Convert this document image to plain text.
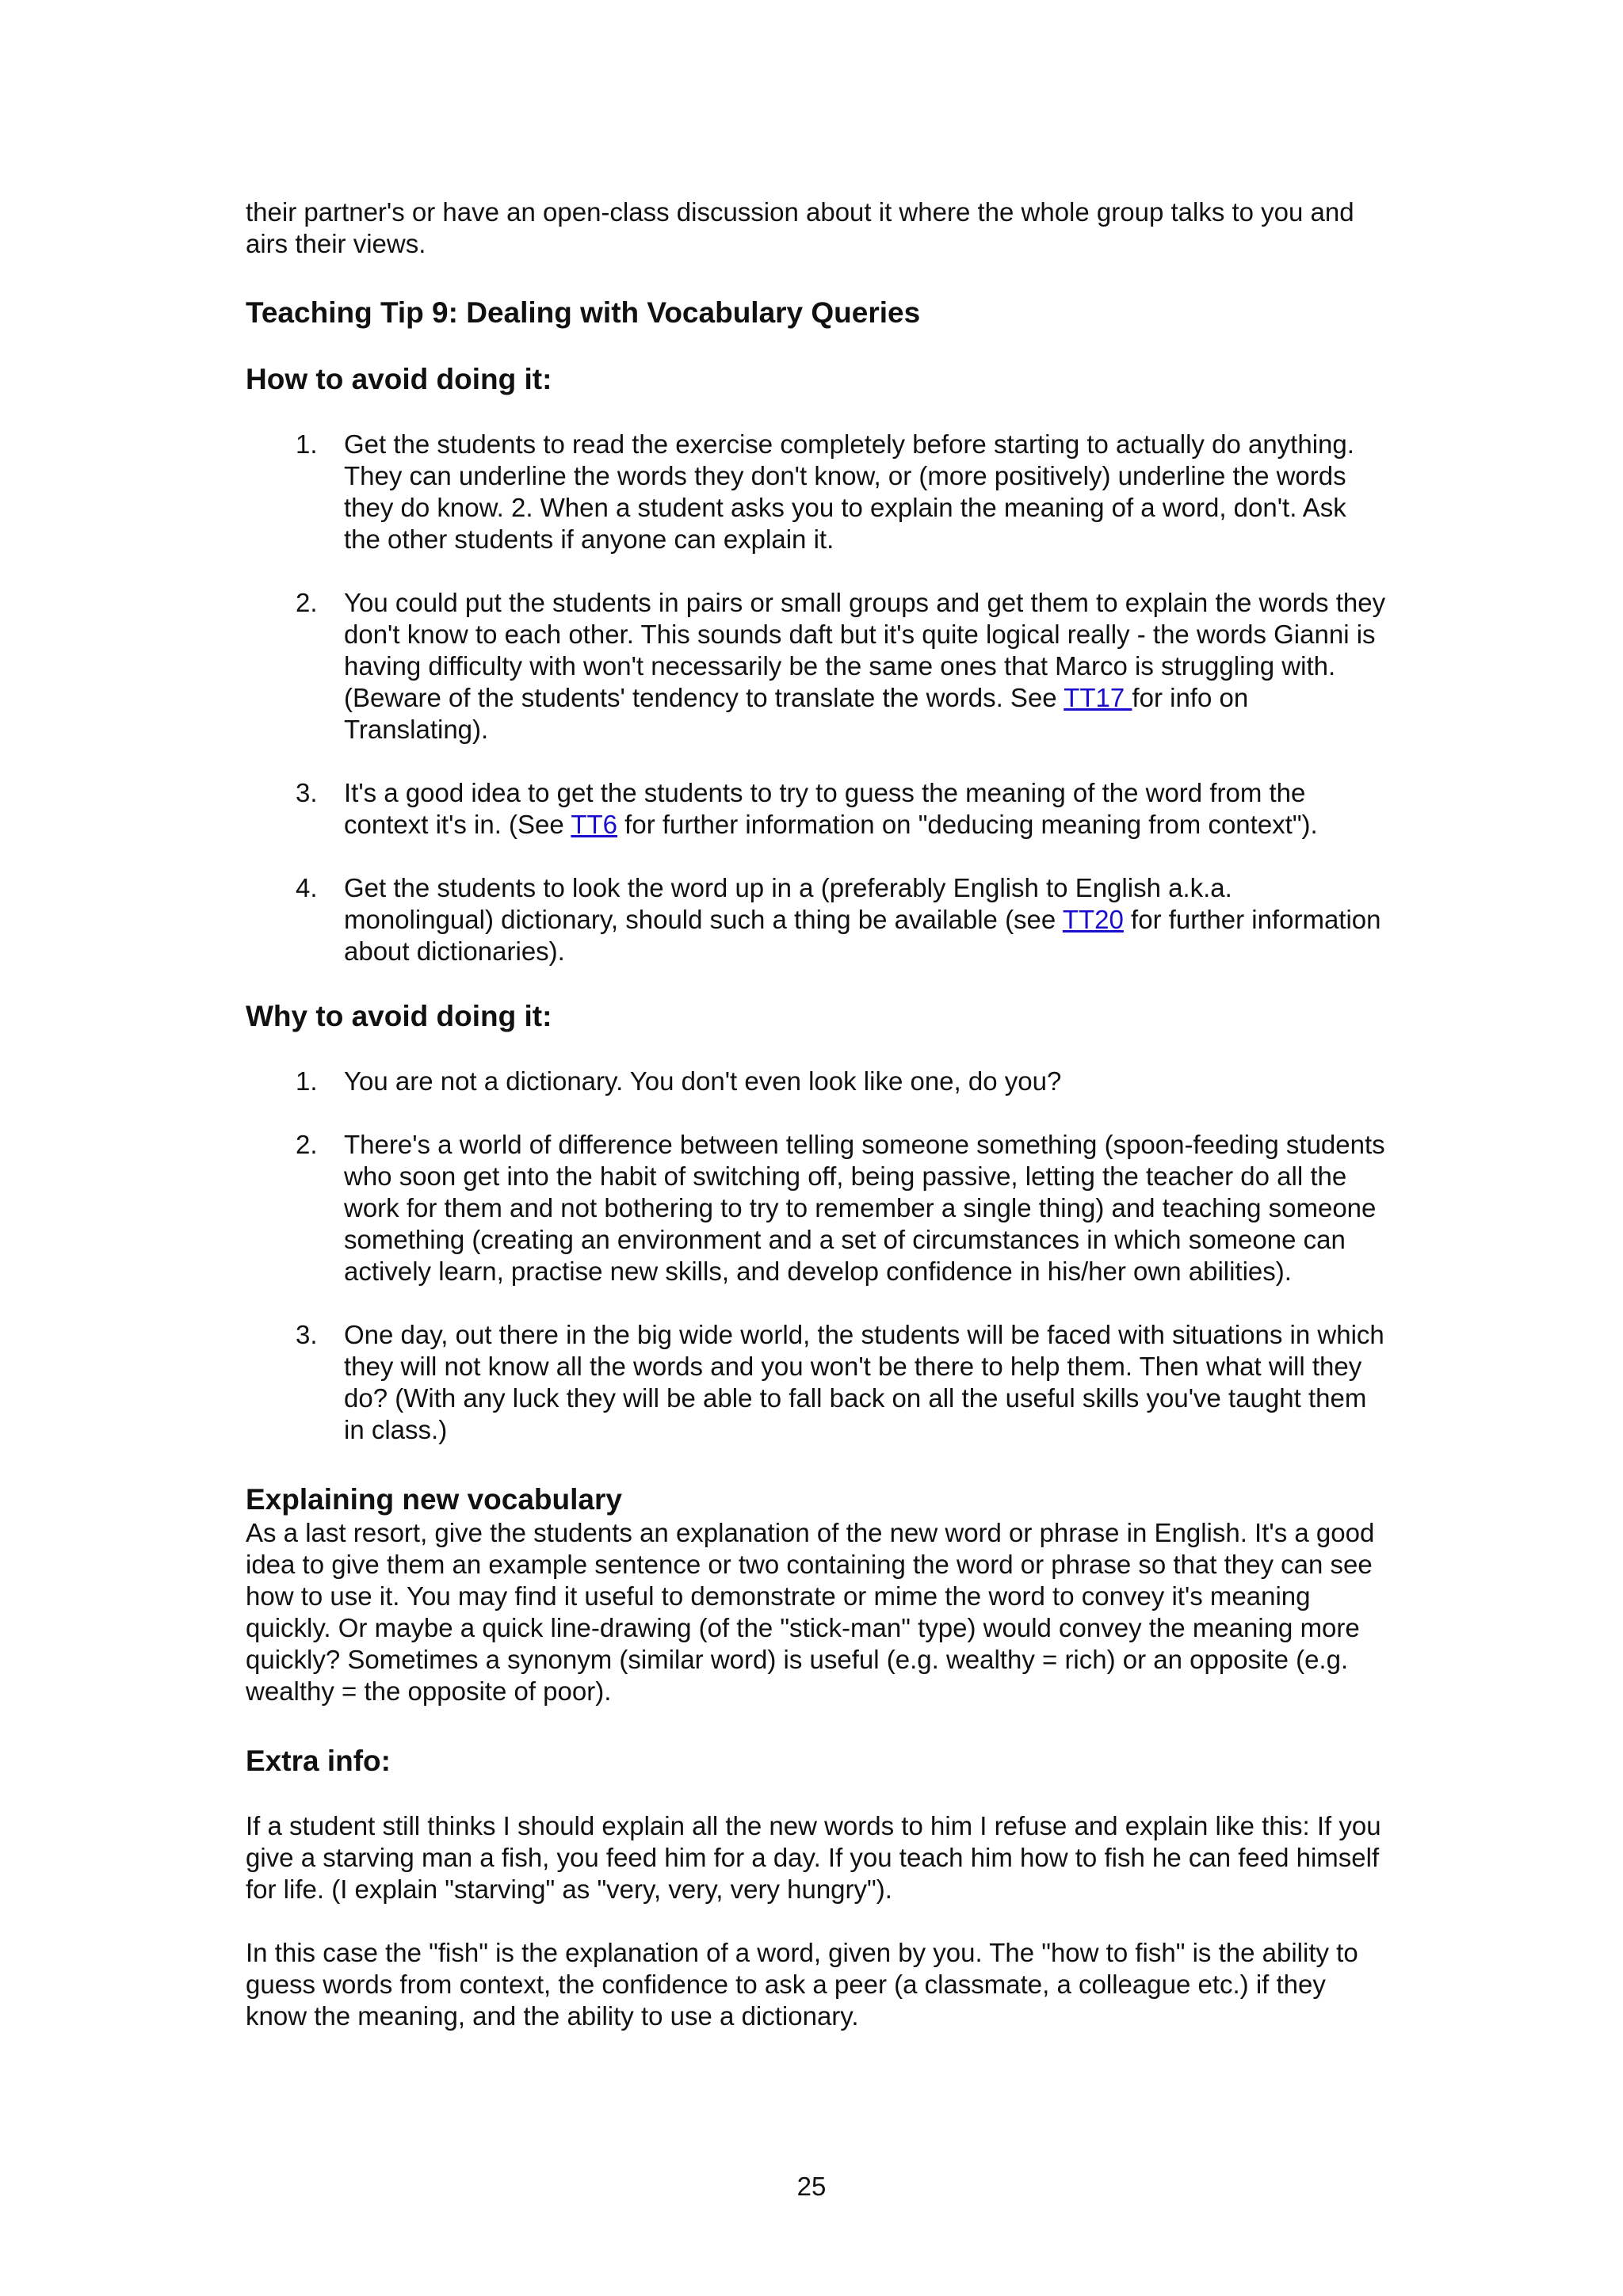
their partner's or have an open-class discussion about it where the whole group talks to you and airs their views.

Teaching Tip 9: Dealing with Vocabulary Queries
How to avoid doing it:
1. Get the students to read the exercise completely before starting to actually do anything. They can underline the words they don't know, or (more positively) underline the words they do know. 2. When a student asks you to explain the meaning of a word, don't. Ask the other students if anyone can explain it.
2. You could put the students in pairs or small groups and get them to explain the words they don't know to each other. This sounds daft but it's quite logical really - the words Gianni is having difficulty with won't necessarily be the same ones that Marco is struggling with. (Beware of the students' tendency to translate the words. See TT17 for info on Translating).
3. It's a good idea to get the students to try to guess the meaning of the word from the context it's in. (See TT6 for further information on "deducing meaning from context").
4. Get the students to look the word up in a (preferably English to English a.k.a. monolingual) dictionary, should such a thing be available (see TT20 for further information about dictionaries).
Why to avoid doing it:
1. You are not a dictionary. You don't even look like one, do you?
2. There's a world of difference between telling someone something (spoon-feeding students who soon get into the habit of switching off, being passive, letting the teacher do all the work for them and not bothering to try to remember a single thing) and teaching someone something (creating an environment and a set of circumstances in which someone can actively learn, practise new skills, and develop confidence in his/her own abilities).
3. One day, out there in the big wide world, the students will be faced with situations in which they will not know all the words and you won't be there to help them. Then what will they do? (With any luck they will be able to fall back on all the useful skills you've taught them in class.)
Explaining new vocabulary

As a last resort, give the students an explanation of the new word or phrase in English. It's a good idea to give them an example sentence or two containing the word or phrase so that they can see how to use it. You may find it useful to demonstrate or mime the word to convey it's meaning quickly. Or maybe a quick line-drawing (of the "stick-man" type) would convey the meaning more quickly? Sometimes a synonym (similar word) is useful (e.g. wealthy = rich) or an opposite (e.g. wealthy = the opposite of poor).

Extra info:

If a student still thinks I should explain all the new words to him I refuse and explain like this: If you give a starving man a fish, you feed him for a day. If you teach him how to fish he can feed himself for life. (I explain "starving" as "very, very, very hungry").

In this case the "fish" is the explanation of a word, given by you. The "how to fish" is the ability to guess words from context, the confidence to ask a peer (a classmate, a colleague etc.) if they know the meaning, and the ability to use a dictionary.

25
